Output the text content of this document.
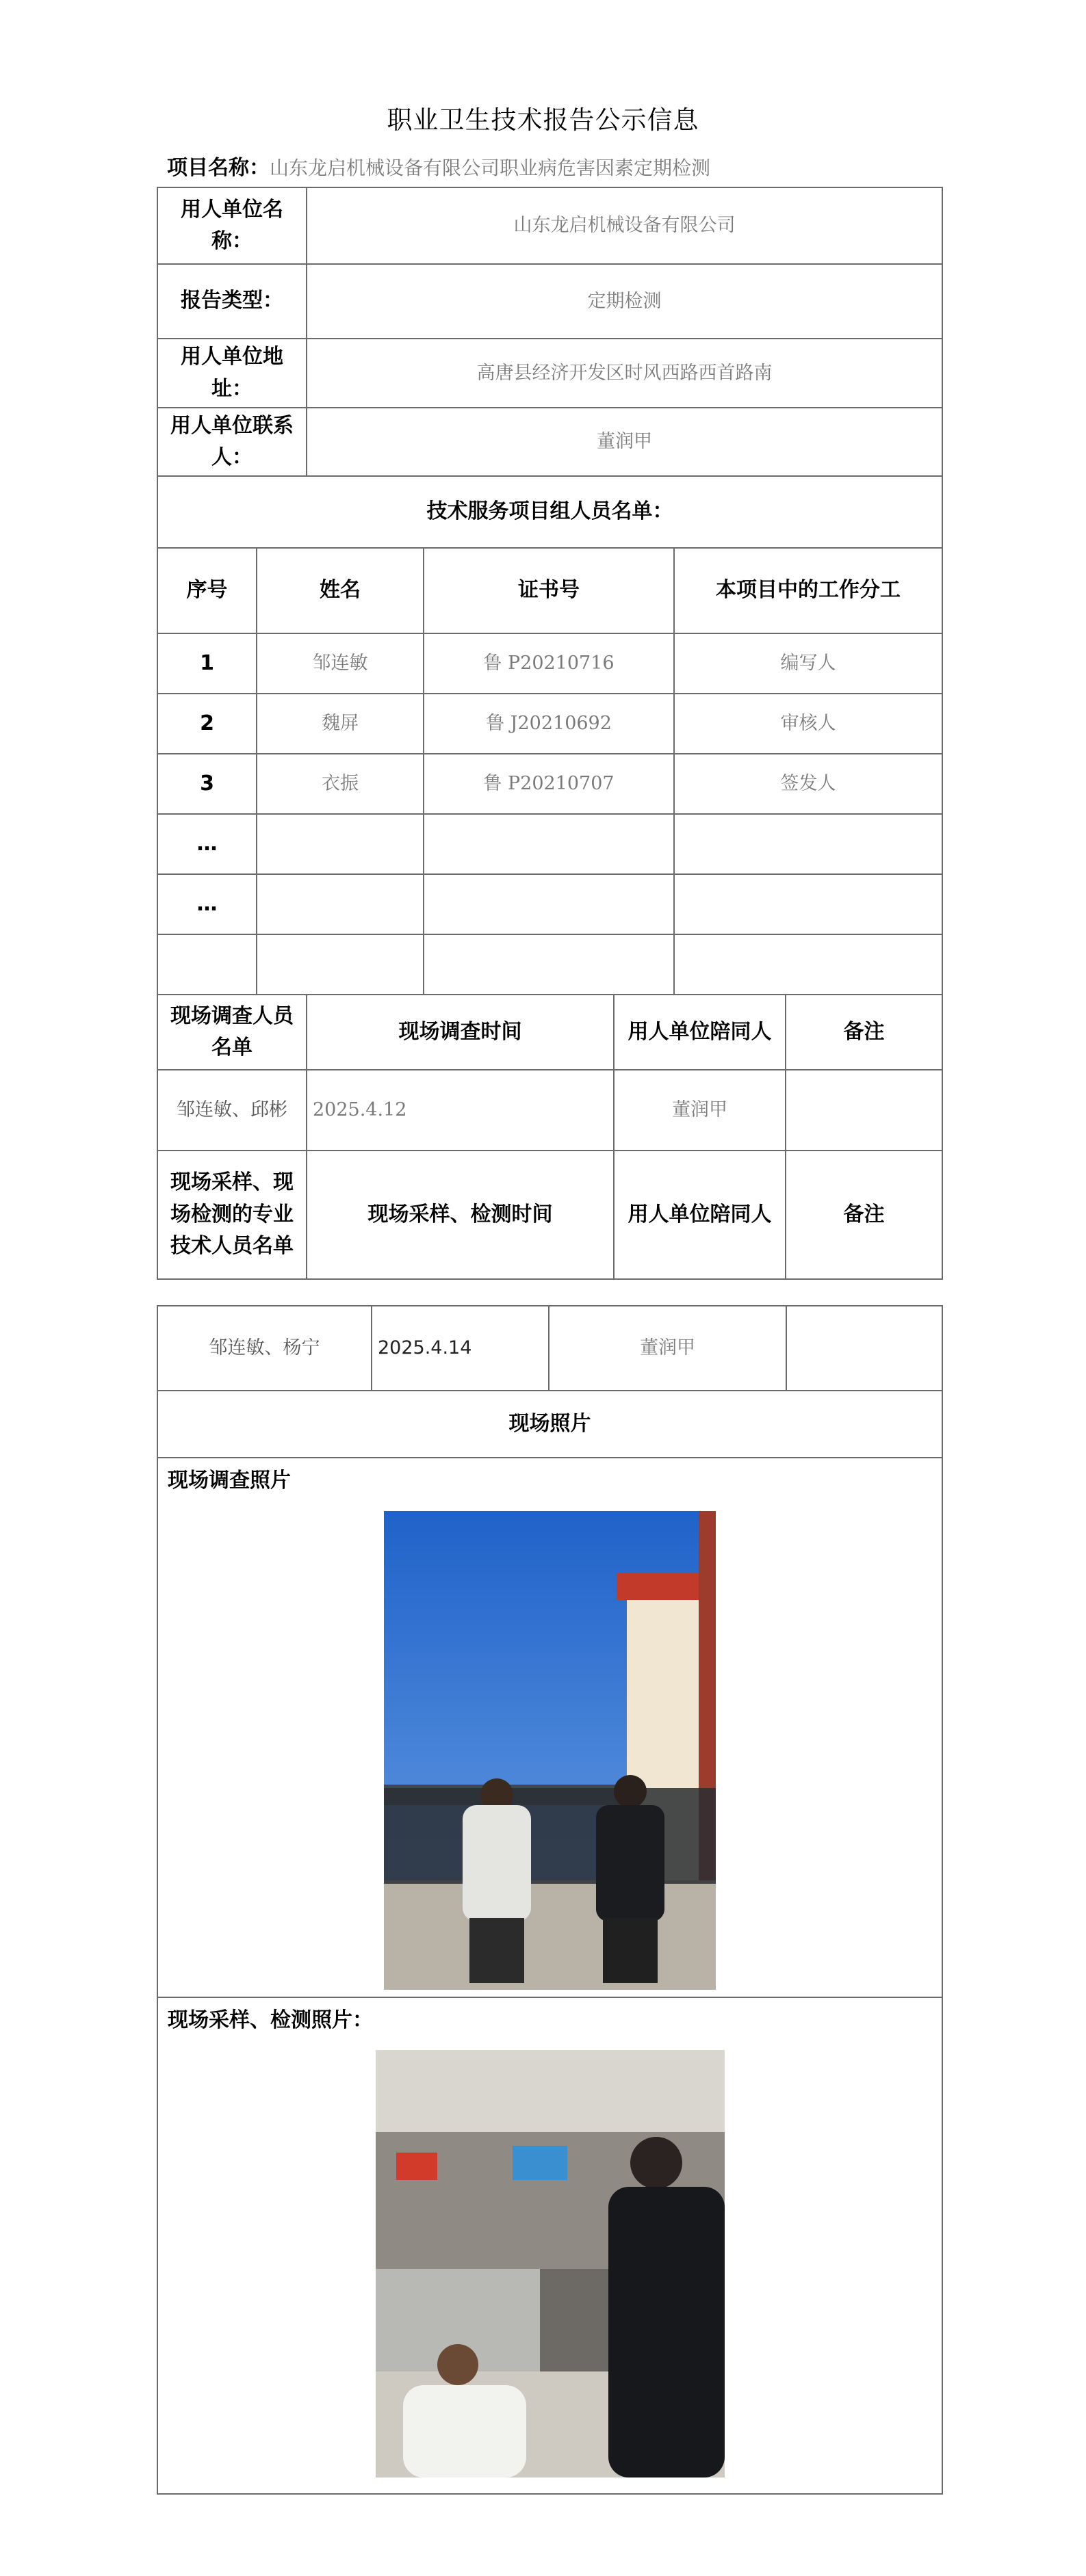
职业卫生技术报告公示信息
项目名称：山东龙启机械设备有限公司职业病危害因素定期检测
用人单位名称：		山东龙启机械设备有限公司				
报告类型：		定期检测				
用人单位地址：		高唐县经济开发区时风西路西首路南				
用人单位联系人：		董润甲				
技术服务项目组人员名单：						
序号	姓名		证书号		本项目中的工作分工	
1	邹连敏		鲁 P20210716		编写人	
2	魏屏		鲁 J20210692		审核人	
3	衣振		鲁 P20210707		签发人	
…						
…						

现场调查人员名单		现场调查时间		用人单位陪同人		备注
邹连敏、邱彬		2025.4.12		董润甲		
现场采样、现场检测的专业技术人员名单		现场采样、检测时间		用人单位陪同人		备注
邹连敏、杨宁	2025.4.14	董润甲	
现场照片

现场调查照片

现场采样、检测照片：
